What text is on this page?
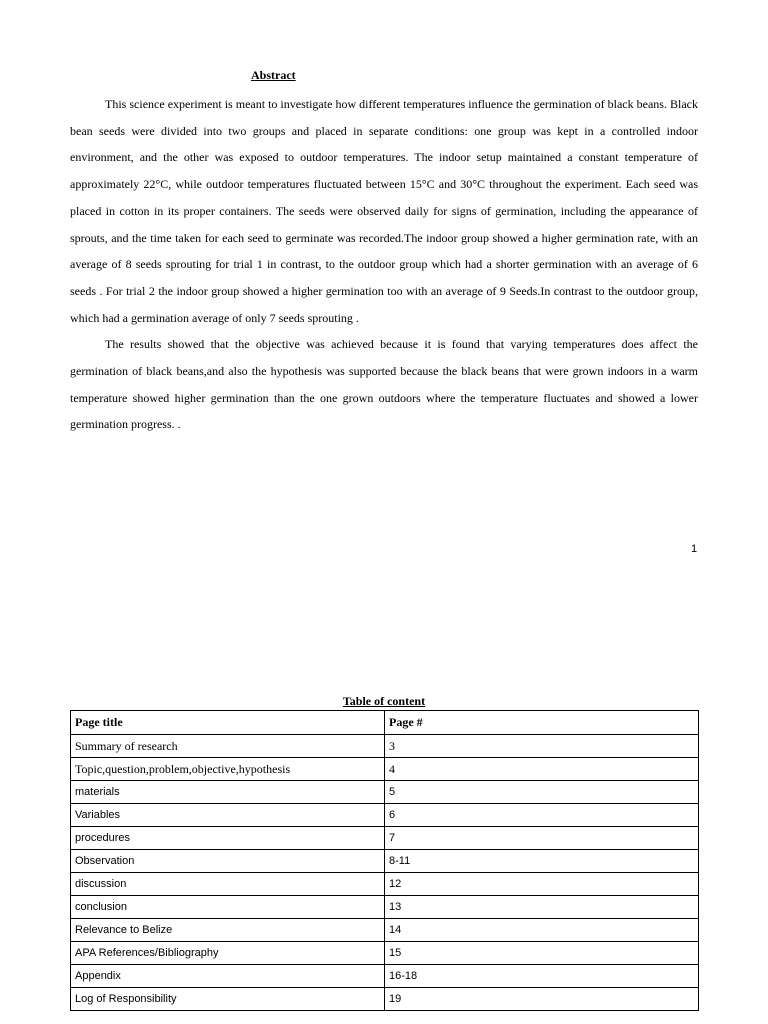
Abstract

This science experiment is meant to investigate how different temperatures influence the germination of black beans. Black bean seeds were divided into two groups and placed in separate conditions: one group was kept in a controlled indoor environment, and the other was exposed to outdoor temperatures. The indoor setup maintained a constant temperature of approximately 22°C, while outdoor temperatures fluctuated between 15°C and 30°C throughout the experiment. Each seed was placed in cotton in its proper containers. The seeds were observed daily for signs of germination, including the appearance of sprouts, and the time taken for each seed to germinate was recorded.The indoor group showed a higher germination rate, with an average of 8 seeds sprouting for trial 1 in contrast, to the outdoor group which had a shorter germination with an average of 6 seeds . For trial 2 the indoor group showed a higher germination too with an average of 9 Seeds.In contrast to the outdoor group, which had a germination average of only 7 seeds sprouting .

The results showed that the objective was achieved because it is found that varying temperatures does affect the germination of black beans,and also the hypothesis was supported because the black beans that were grown indoors in a warm temperature showed higher germination than the one grown outdoors where the temperature fluctuates and showed a lower germination progress. .

1
Table of content
Page title	Page #
Summary of research	3
Topic,question,problem,objective,hypothesis	4
materials	5
Variables	6
procedures	7
Observation	8-11
discussion	12
conclusion	13
Relevance to Belize	14
APA References/Bibliography	15
Appendix	16-18
Log of Responsibility	19
